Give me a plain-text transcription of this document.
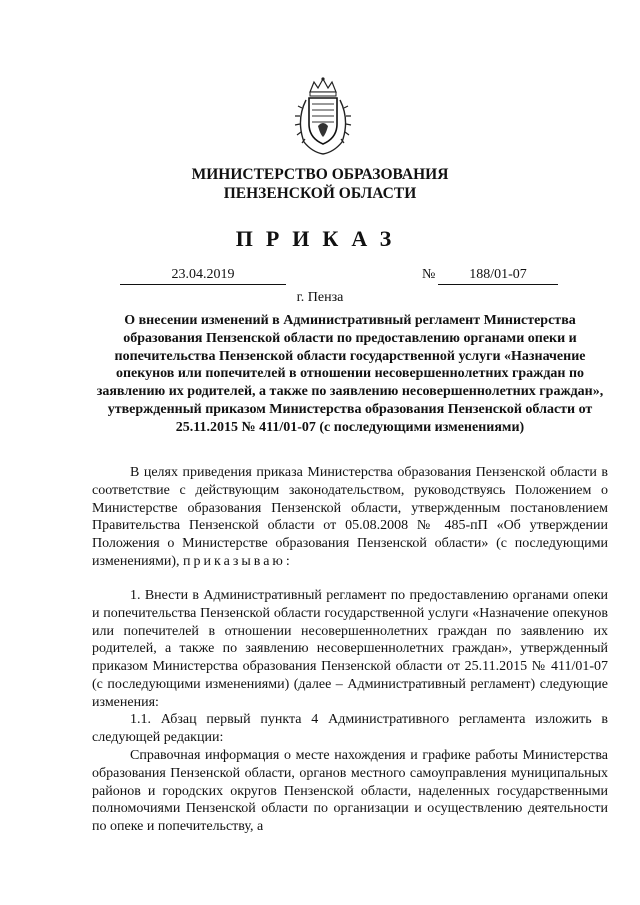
МИНИСТЕРСТВО ОБРАЗОВАНИЯ
ПЕНЗЕНСКОЙ ОБЛАСТИ
ПРИКАЗ
23.04.2019	№	188/01-07
г. Пенза
О внесении изменений в Административный регламент Министерства образования Пензенской области по предоставлению органами опеки и попечительства Пензенской области государственной услуги «Назначение опекунов или попечителей в отношении несовершеннолетних граждан по заявлению их родителей, а также по заявлению несовершеннолетних граждан», утвержденный приказом Министерства образования Пензенской области от 25.11.2015 № 411/01-07 (с последующими изменениями)
В целях приведения приказа Министерства образования Пензенской области в соответствие с действующим законодательством, руководствуясь Положением о Министерстве образования Пензенской области, утвержденным постановлением Правительства Пензенской области от 05.08.2008 № 485-пП «Об утверждении Положения о Министерстве образования Пензенской области» (с последующими изменениями), приказываю:
1. Внести в Административный регламент по предоставлению органами опеки и попечительства Пензенской области государственной услуги «Назначение опекунов или попечителей в отношении несовершеннолетних граждан по заявлению их родителей, а также по заявлению несовершеннолетних граждан», утвержденный приказом Министерства образования Пензенской области от 25.11.2015 № 411/01-07 (с последующими изменениями) (далее – Административный регламент) следующие изменения:
1.1. Абзац первый пункта 4 Административного регламента изложить в следующей редакции:
Справочная информация о месте нахождения и графике работы Министерства образования Пензенской области, органов местного самоуправления муниципальных районов и городских округов Пензенской области, наделенных государственными полномочиями Пензенской области по организации и осуществлению деятельности по опеке и попечительству, а
